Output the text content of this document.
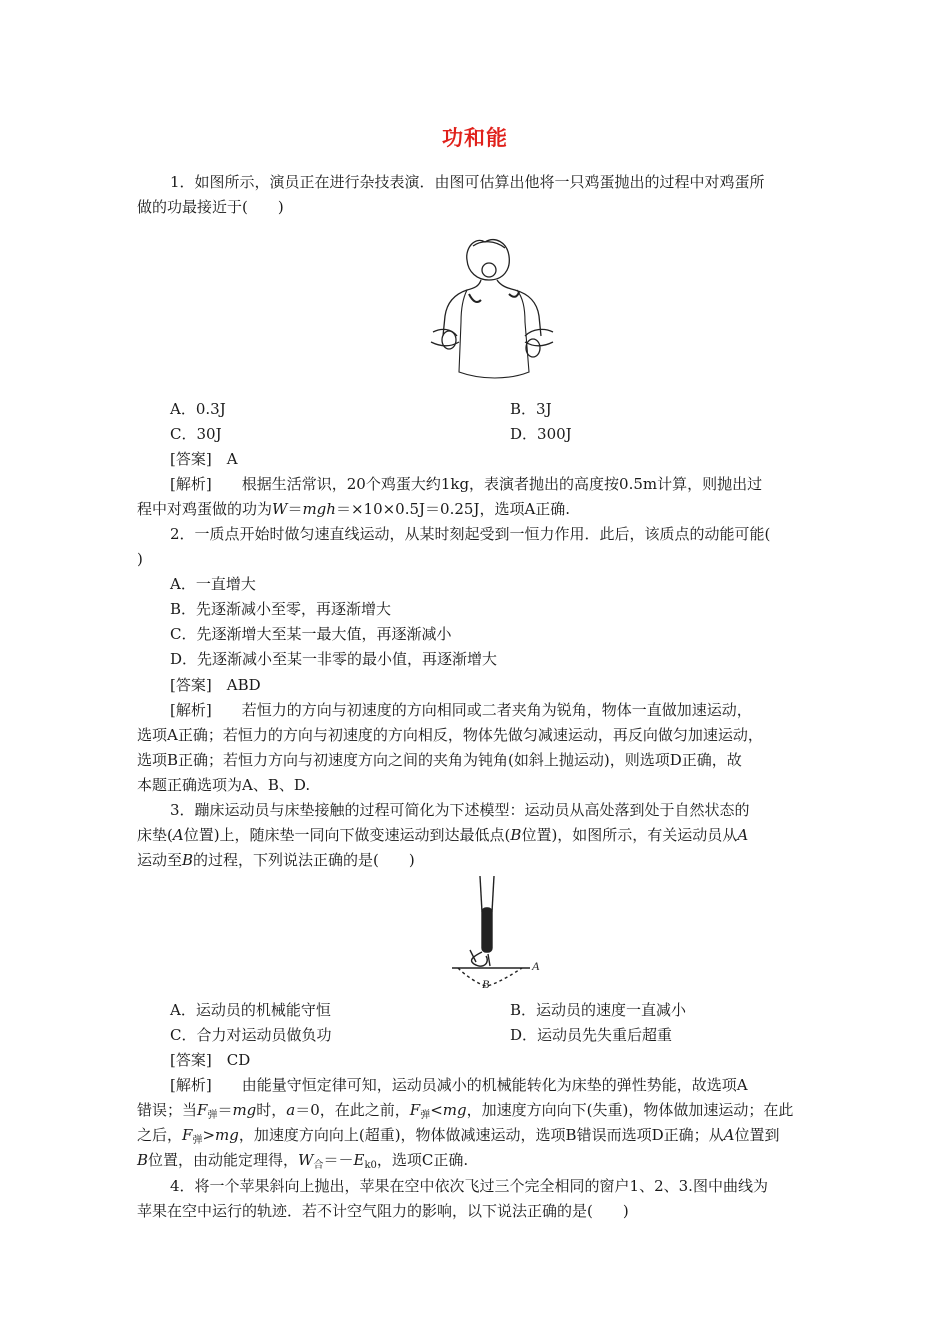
功和能
1．如图所示，演员正在进行杂技表演．由图可估算出他将一只鸡蛋抛出的过程中对鸡蛋所
做的功最接近于(　　)
A．0.3J	B．3J
C．30J	D．300J
[答案]　 A
[解析]　　 根据生活常识，20个鸡蛋大约1kg，表演者抛出的高度按0.5m计算，则抛出过
程中对鸡蛋做的功为W＝mgh＝×10×0.5J＝0.25J，选项A正确.
2．一质点开始时做匀速直线运动，从某时刻起受到一恒力作用．此后，该质点的动能可能(
)
A．一直增大
B．先逐渐减小至零，再逐渐增大
C．先逐渐增大至某一最大值，再逐渐减小
D．先逐渐减小至某一非零的最小值，再逐渐增大
[答案]　 ABD
[解析]　　 若恒力的方向与初速度的方向相同或二者夹角为锐角，物体一直做加速运动，
选项A正确；若恒力的方向与初速度的方向相反，物体先做匀减速运动，再反向做匀加速运动，
选项B正确；若恒力方向与初速度方向之间的夹角为钝角(如斜上抛运动)，则选项D正确，故
本题正确选项为A、B、D.
3．蹦床运动员与床垫接触的过程可简化为下述模型：运动员从高处落到处于自然状态的
床垫(A位置)上，随床垫一同向下做变速运动到达最低点(B位置)，如图所示，有关运动员从A
运动至B的过程，下列说法正确的是(　　)
A
B
A．运动员的机械能守恒	B．运动员的速度一直减小
C．合力对运动员做负功	D．运动员先失重后超重
[答案]　 CD
[解析]　　 由能量守恒定律可知，运动员减小的机械能转化为床垫的弹性势能，故选项A
错误；当$F_弹=mg$时，a＝0，在此之前，$F_弹<mg$，加速度方向向下(失重)，物体做加速运动；在此
之后，$F_弹>mg$，加速度方向向上(超重)，物体做减速运动，选项B错误而选项D正确；从A位置到
B位置，由动能定理得，$W_合=-E_{k0}$，选项C正确.
4．将一个苹果斜向上抛出，苹果在空中依次飞过三个完全相同的窗户1、2、3.图中曲线为
苹果在空中运行的轨迹．若不计空气阻力的影响，以下说法正确的是(　　)
